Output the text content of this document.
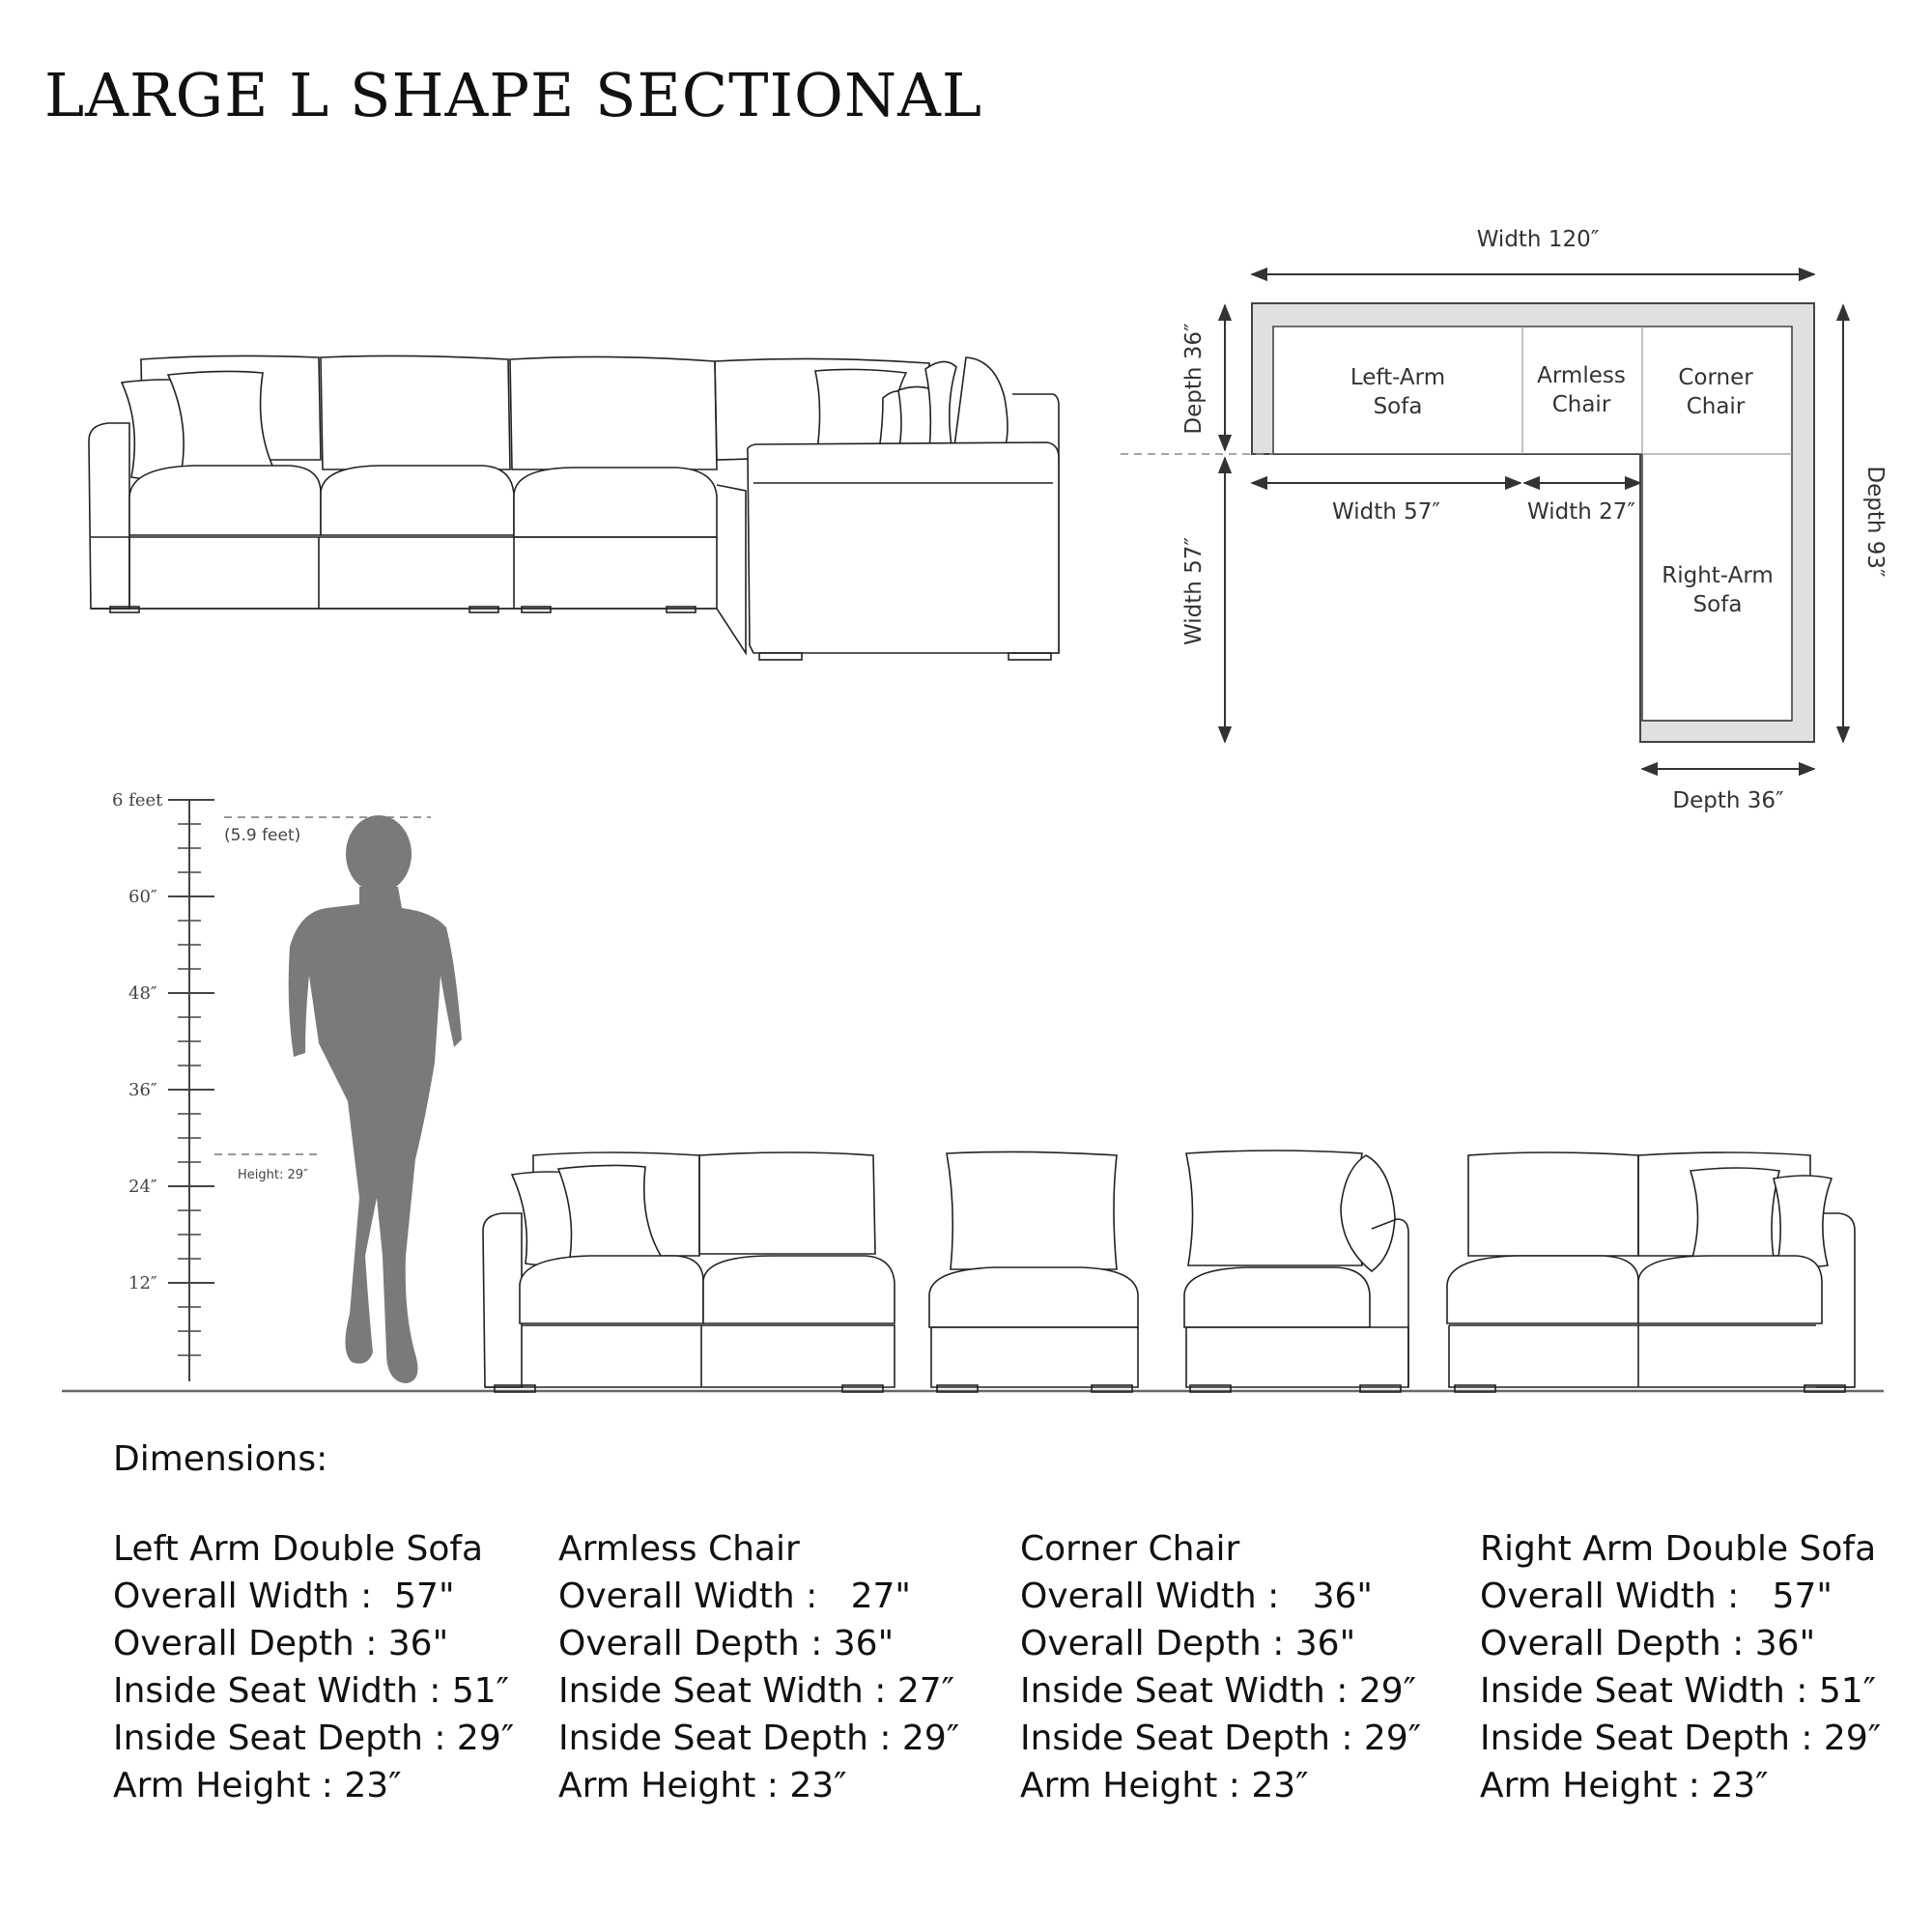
LARGE L SHAPE SECTIONAL
Width 120″
Depth 36″
Depth 93″
Width 57″
Width 57″	Width 27″
Depth 36″
Left-Arm
Sofa
Armless
Chair
Corner
Chair
Right-Arm
Sofa
6 feet
60″
48″
36″
24″
12″
(5.9 feet)
Height: 29″
Dimensions:
Left Arm Double Sofa
Overall Width :  57"
Overall Depth : 36"
Inside Seat Width : 51″
Inside Seat Depth : 29″
Arm Height : 23″
Armless Chair
Overall Width :   27"
Overall Depth : 36"
Inside Seat Width : 27″
Inside Seat Depth : 29″
Arm Height : 23″
Corner Chair
Overall Width :   36"
Overall Depth : 36"
Inside Seat Width : 29″
Inside Seat Depth : 29″
Arm Height : 23″
Right Arm Double Sofa
Overall Width :   57"
Overall Depth : 36"
Inside Seat Width : 51″
Inside Seat Depth : 29″
Arm Height : 23″
